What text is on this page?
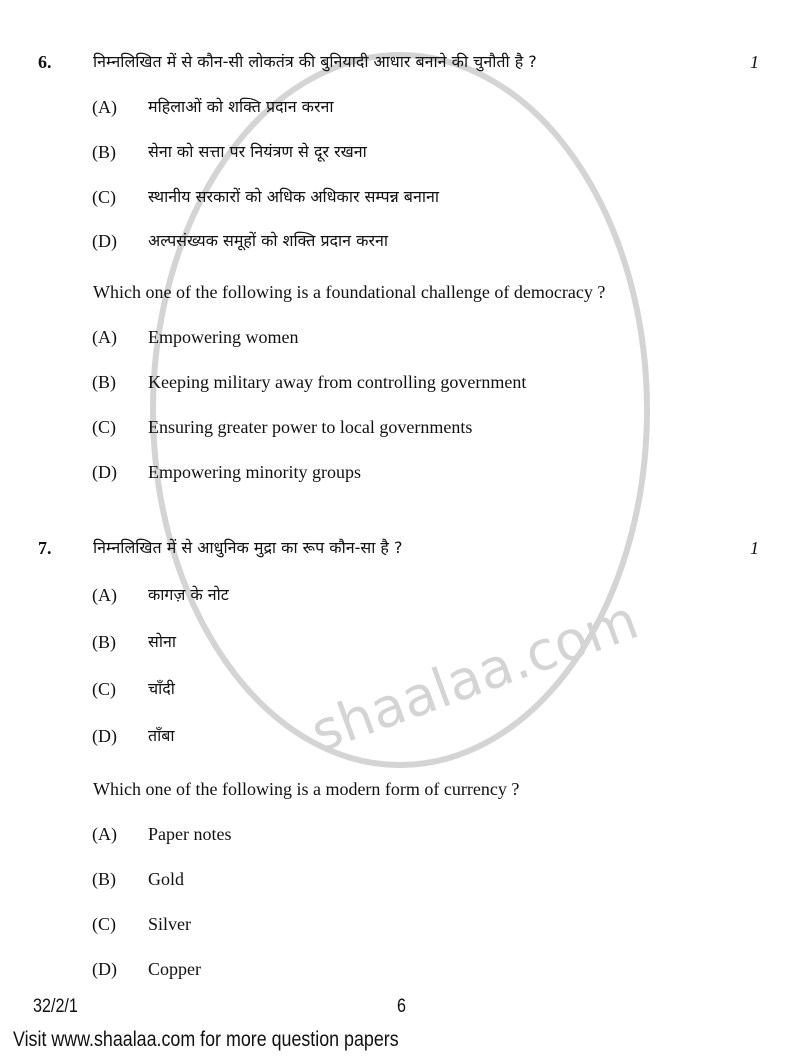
shaalaa.com
6.	निम्नलिखित में से कौन-सी लोकतंत्र की बुनियादी आधार बनाने की चुनौती है ?	1
(A) महिलाओं को शक्ति प्रदान करना
(B) सेना को सत्ता पर नियंत्रण से दूर रखना
(C) स्थानीय सरकारों को अधिक अधिकार सम्पन्न बनाना
(D) अल्पसंख्यक समूहों को शक्ति प्रदान करना
Which one of the following is a foundational challenge of democracy ?
(A) Empowering women
(B) Keeping military away from controlling government
(C) Ensuring greater power to local governments
(D) Empowering minority groups
7.	निम्नलिखित में से आधुनिक मुद्रा का रूप कौन-सा है ?	1
(A) कागज़ के नोट
(B) सोना
(C) चाँदी
(D) ताँबा
Which one of the following is a modern form of currency ?
(A) Paper notes
(B) Gold
(C) Silver
(D) Copper
32/2/1	6
Visit www.shaalaa.com for more question papers
